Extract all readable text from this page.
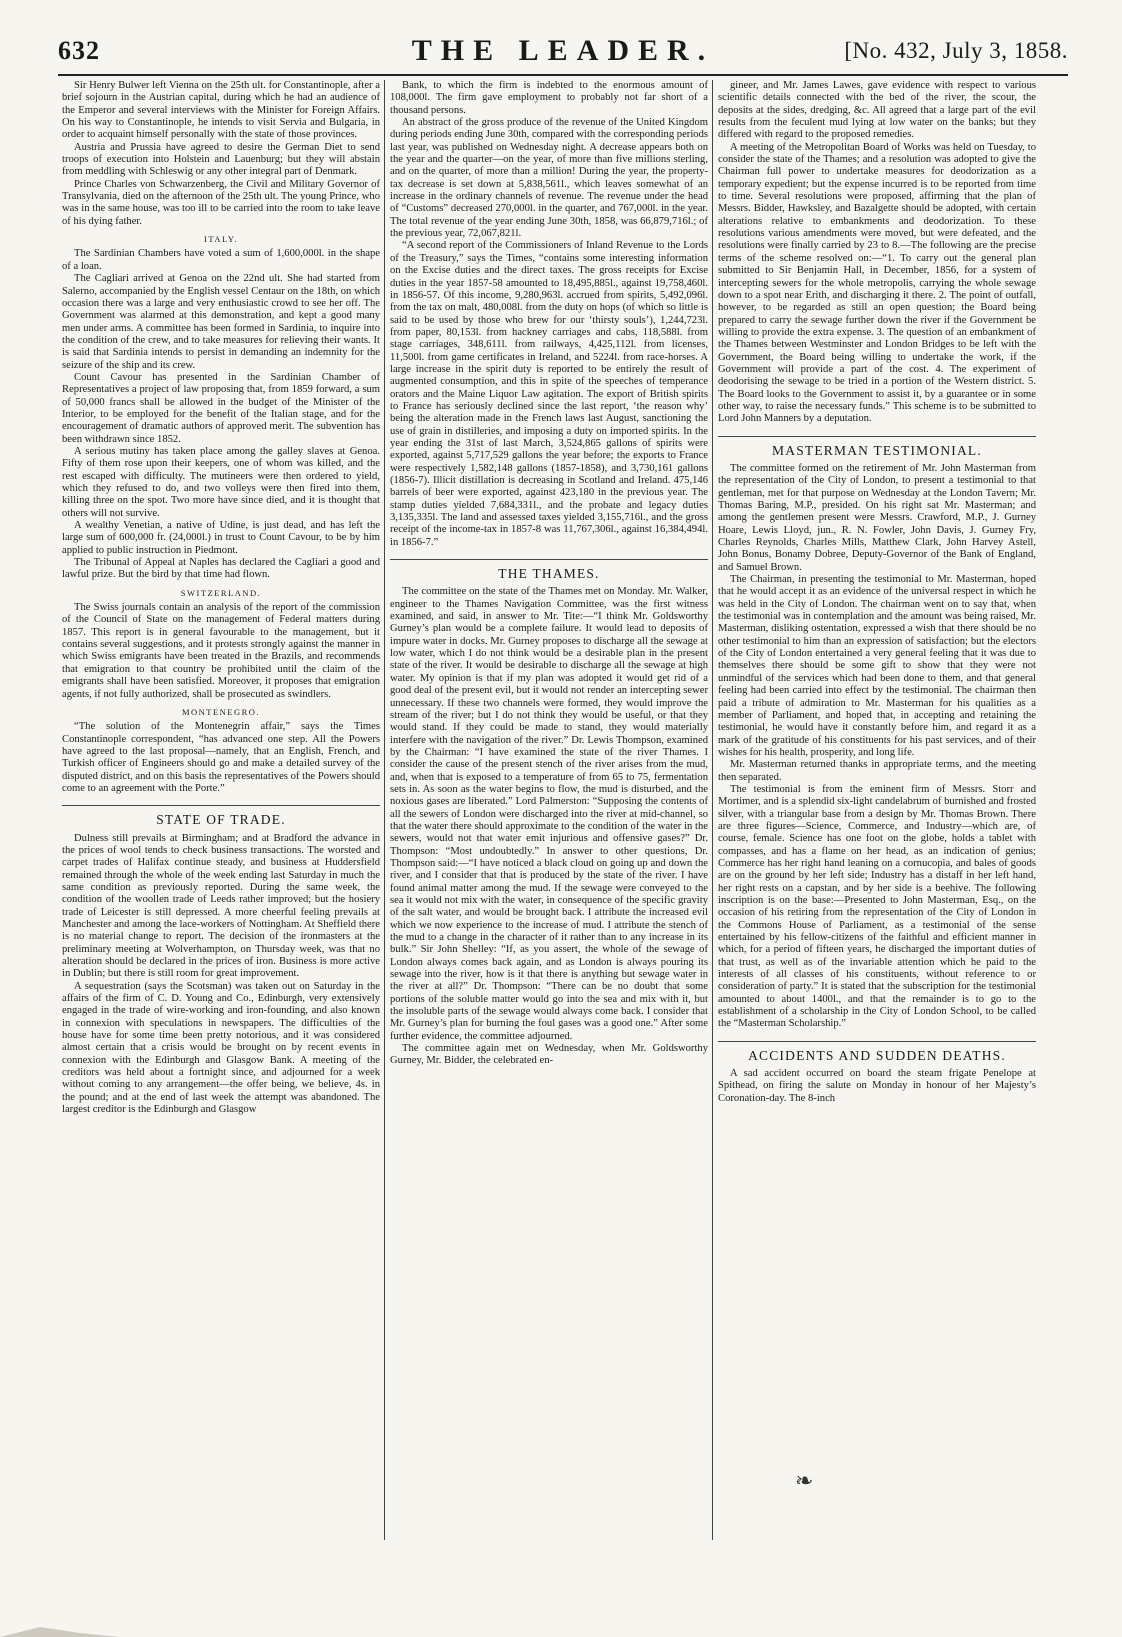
632	THE LEADER.	[No. 432, July 3, 1858.

Sir Henry Bulwer left Vienna on the 25th ult. for Constantinople, after a brief sojourn in the Austrian capital, during which he had an audience of the Emperor and several interviews with the Minister for Foreign Affairs. On his way to Constantinople, he intends to visit Servia and Bulgaria, in order to acquaint himself personally with the state of those provinces.

Austria and Prussia have agreed to desire the German Diet to send troops of execution into Holstein and Lauenburg; but they will abstain from meddling with Schleswig or any other integral part of Denmark.

Prince Charles von Schwarzenberg, the Civil and Military Governor of Transylvania, died on the afternoon of the 25th ult. The young Prince, who was in the same house, was too ill to be carried into the room to take leave of his dying father.

ITALY.

The Sardinian Chambers have voted a sum of 1,600,000l. in the shape of a loan.

The Cagliari arrived at Genoa on the 22nd ult. She had started from Salerno, accompanied by the English vessel Centaur on the 18th, on which occasion there was a large and very enthusiastic crowd to see her off. The Government was alarmed at this demonstration, and kept a good many men under arms. A committee has been formed in Sardinia, to inquire into the condition of the crew, and to take measures for relieving their wants. It is said that Sardinia intends to persist in demanding an indemnity for the seizure of the ship and its crew.

Count Cavour has presented in the Sardinian Chamber of Representatives a project of law proposing that, from 1859 forward, a sum of 50,000 francs shall be allowed in the budget of the Minister of the Interior, to be employed for the benefit of the Italian stage, and for the encouragement of dramatic authors of approved merit. The subvention has been withdrawn since 1852.

A serious mutiny has taken place among the galley slaves at Genoa. Fifty of them rose upon their keepers, one of whom was killed, and the rest escaped with difficulty. The mutineers were then ordered to yield, which they refused to do, and two volleys were then fired into them, killing three on the spot. Two more have since died, and it is thought that others will not survive.

A wealthy Venetian, a native of Udine, is just dead, and has left the large sum of 600,000 fr. (24,000l.) in trust to Count Cavour, to be by him applied to public instruction in Piedmont.

The Tribunal of Appeal at Naples has declared the Cagliari a good and lawful prize. But the bird by that time had flown.

SWITZERLAND.

The Swiss journals contain an analysis of the report of the commission of the Council of State on the management of Federal matters during 1857. This report is in general favourable to the management, but it contains several suggestions, and it protests strongly against the manner in which Swiss emigrants have been treated in the Brazils, and recommends that emigration to that country be prohibited until the claim of the emigrants shall have been satisfied. Moreover, it proposes that emigration agents, if not fully authorized, shall be prosecuted as swindlers.

MONTENEGRO.

“The solution of the Montenegrin affair,” says the Times Constantinople correspondent, “has advanced one step. All the Powers have agreed to the last proposal—namely, that an English, French, and Turkish officer of Engineers should go and make a detailed survey of the disputed district, and on this basis the representatives of the Powers should come to an agreement with the Porte.”

STATE OF TRADE.

Dulness still prevails at Birmingham; and at Bradford the advance in the prices of wool tends to check business transactions. The worsted and carpet trades of Halifax continue steady, and business at Huddersfield remained through the whole of the week ending last Saturday in much the same condition as previously reported. During the same week, the condition of the woollen trade of Leeds rather improved; but the hosiery trade of Leicester is still depressed. A more cheerful feeling prevails at Manchester and among the lace-workers of Nottingham. At Sheffield there is no material change to report. The decision of the ironmasters at the preliminary meeting at Wolverhampton, on Thursday week, was that no alteration should be declared in the prices of iron. Business is more active in Dublin; but there is still room for great improvement.

A sequestration (says the Scotsman) was taken out on Saturday in the affairs of the firm of C. D. Young and Co., Edinburgh, very extensively engaged in the trade of wire-working and iron-founding, and also known in connexion with speculations in newspapers. The difficulties of the house have for some time been pretty notorious, and it was considered almost certain that a crisis would be brought on by recent events in connexion with the Edinburgh and Glasgow Bank. A meeting of the creditors was held about a fortnight since, and adjourned for a week without coming to any arrangement—the offer being, we believe, 4s. in the pound; and at the end of last week the attempt was abandoned. The largest creditor is the Edinburgh and Glasgow

Bank, to which the firm is indebted to the enormous amount of 108,000l. The firm gave employment to probably not far short of a thousand persons.

An abstract of the gross produce of the revenue of the United Kingdom during periods ending June 30th, compared with the corresponding periods last year, was published on Wednesday night. A decrease appears both on the year and the quarter—on the year, of more than five millions sterling, and on the quarter, of more than a million! During the year, the property-tax decrease is set down at 5,838,561l., which leaves somewhat of an increase in the ordinary channels of revenue. The revenue under the head of “Customs” decreased 270,000l. in the quarter, and 767,000l. in the year. The total revenue of the year ending June 30th, 1858, was 66,879,716l.; of the previous year, 72,067,821l.

“A second report of the Commissioners of Inland Revenue to the Lords of the Treasury,” says the Times, “contains some interesting information on the Excise duties and the direct taxes. The gross receipts for Excise duties in the year 1857-58 amounted to 18,495,885l., against 19,758,460l. in 1856-57. Of this income, 9,280,963l. accrued from spirits, 5,492,096l. from the tax on malt, 480,008l. from the duty on hops (of which so little is said to be used by those who brew for our ‘thirsty souls’), 1,244,723l. from paper, 80,153l. from hackney carriages and cabs, 118,588l. from stage carriages, 348,611l. from railways, 4,425,112l. from licenses, 11,500l. from game certificates in Ireland, and 5224l. from race-horses. A large increase in the spirit duty is reported to be entirely the result of augmented consumption, and this in spite of the speeches of temperance orators and the Maine Liquor Law agitation. The export of British spirits to France has seriously declined since the last report, ‘the reason why’ being the alteration made in the French laws last August, sanctioning the use of grain in distilleries, and imposing a duty on imported spirits. In the year ending the 31st of last March, 3,524,865 gallons of spirits were exported, against 5,717,529 gallons the year before; the exports to France were respectively 1,582,148 gallons (1857-1858), and 3,730,161 gallons (1856-7). Illicit distillation is decreasing in Scotland and Ireland. 475,146 barrels of beer were exported, against 423,180 in the previous year. The stamp duties yielded 7,684,331l., and the probate and legacy duties 3,135,335l. The land and assessed taxes yielded 3,155,716l., and the gross receipt of the income-tax in 1857-8 was 11,767,306l., against 16,384,494l. in 1856-7.”

THE THAMES.

The committee on the state of the Thames met on Monday. Mr. Walker, engineer to the Thames Navigation Committee, was the first witness examined, and said, in answer to Mr. Tite:—“I think Mr. Goldsworthy Gurney’s plan would be a complete failure. It would lead to deposits of impure water in docks. Mr. Gurney proposes to discharge all the sewage at low water, which I do not think would be a desirable plan in the present state of the river. It would be desirable to discharge all the sewage at high water. My opinion is that if my plan was adopted it would get rid of a good deal of the present evil, but it would not render an intercepting sewer unnecessary. If these two channels were formed, they would improve the stream of the river; but I do not think they would be useful, or that they would stand. If they could be made to stand, they would materially interfere with the navigation of the river.” Dr. Lewis Thompson, examined by the Chairman: “I have examined the state of the river Thames. I consider the cause of the present stench of the river arises from the mud, and, when that is exposed to a temperature of from 65 to 75, fermentation sets in. As soon as the water begins to flow, the mud is disturbed, and the noxious gases are liberated.” Lord Palmerston: “Supposing the contents of all the sewers of London were discharged into the river at mid-channel, so that the water there should approximate to the condition of the water in the sewers, would not that water emit injurious and offensive gases?” Dr. Thompson: “Most undoubtedly.” In answer to other questions, Dr. Thompson said:—“I have noticed a black cloud on going up and down the river, and I consider that that is produced by the state of the river. I have found animal matter among the mud. If the sewage were conveyed to the sea it would not mix with the water, in consequence of the specific gravity of the salt water, and would be brought back. I attribute the increased evil which we now experience to the increase of mud. I attribute the stench of the mud to a change in the character of it rather than to any increase in its bulk.” Sir John Shelley: “If, as you assert, the whole of the sewage of London always comes back again, and as London is always pouring its sewage into the river, how is it that there is anything but sewage water in the river at all?” Dr. Thompson: “There can be no doubt that some portions of the soluble matter would go into the sea and mix with it, but the insoluble parts of the sewage would always come back. I consider that Mr. Gurney’s plan for burning the foul gases was a good one.” After some further evidence, the committee adjourned.

The committee again met on Wednesday, when Mr. Goldsworthy Gurney, Mr. Bidder, the celebrated en-

gineer, and Mr. James Lawes, gave evidence with respect to various scientific details connected with the bed of the river, the scour, the deposits at the sides, dredging, &c. All agreed that a large part of the evil results from the feculent mud lying at low water on the banks; but they differed with regard to the proposed remedies.

A meeting of the Metropolitan Board of Works was held on Tuesday, to consider the state of the Thames; and a resolution was adopted to give the Chairman full power to undertake measures for deodorization as a temporary expedient; but the expense incurred is to be reported from time to time. Several resolutions were proposed, affirming that the plan of Messrs. Bidder, Hawksley, and Bazalgette should be adopted, with certain alterations relative to embankments and deodorization. To these resolutions various amendments were moved, but were defeated, and the resolutions were finally carried by 23 to 8.—The following are the precise terms of the scheme resolved on:—“1. To carry out the general plan submitted to Sir Benjamin Hall, in December, 1856, for a system of intercepting sewers for the whole metropolis, carrying the whole sewage down to a spot near Erith, and discharging it there. 2. The point of outfall, however, to be regarded as still an open question; the Board being prepared to carry the sewage further down the river if the Government be willing to provide the extra expense. 3. The question of an embankment of the Thames between Westminster and London Bridges to be left with the Government, the Board being willing to undertake the work, if the Government will provide a part of the cost. 4. The experiment of deodorising the sewage to be tried in a portion of the Western district. 5. The Board looks to the Government to assist it, by a guarantee or in some other way, to raise the necessary funds.” This scheme is to be submitted to Lord John Manners by a deputation.

MASTERMAN TESTIMONIAL.

The committee formed on the retirement of Mr. John Masterman from the representation of the City of London, to present a testimonial to that gentleman, met for that purpose on Wednesday at the London Tavern; Mr. Thomas Baring, M.P., presided. On his right sat Mr. Masterman; and among the gentlemen present were Messrs. Crawford, M.P., J. Gurney Hoare, Lewis Lloyd, jun., R. N. Fowler, John Davis, J. Gurney Fry, Charles Reynolds, Charles Mills, Matthew Clark, John Harvey Astell, John Bonus, Bonamy Dobree, Deputy-Governor of the Bank of England, and Samuel Brown.

The Chairman, in presenting the testimonial to Mr. Masterman, hoped that he would accept it as an evidence of the universal respect in which he was held in the City of London. The chairman went on to say that, when the testimonial was in contemplation and the amount was being raised, Mr. Masterman, disliking ostentation, expressed a wish that there should be no other testimonial to him than an expression of satisfaction; but the electors of the City of London entertained a very general feeling that it was due to themselves there should be some gift to show that they were not unmindful of the services which had been done to them, and that general feeling had been carried into effect by the testimonial. The chairman then paid a tribute of admiration to Mr. Masterman for his qualities as a member of Parliament, and hoped that, in accepting and retaining the testimonial, he would have it constantly before him, and regard it as a mark of the gratitude of his constituents for his past services, and of their wishes for his health, prosperity, and long life.

Mr. Masterman returned thanks in appropriate terms, and the meeting then separated.

The testimonial is from the eminent firm of Messrs. Storr and Mortimer, and is a splendid six-light candelabrum of burnished and frosted silver, with a triangular base from a design by Mr. Thomas Brown. There are three figures—Science, Commerce, and Industry—which are, of course, female. Science has one foot on the globe, holds a tablet with compasses, and has a flame on her head, as an indication of genius; Commerce has her right hand leaning on a cornucopia, and bales of goods are on the ground by her left side; Industry has a distaff in her left hand, her right rests on a capstan, and by her side is a beehive. The following inscription is on the base:—Presented to John Masterman, Esq., on the occasion of his retiring from the representation of the City of London in the Commons House of Parliament, as a testimonial of the sense entertained by his fellow-citizens of the faithful and efficient manner in which, for a period of fifteen years, he discharged the important duties of that trust, as well as of the invariable attention which he paid to the interests of all classes of his constituents, without reference to or consideration of party.” It is stated that the subscription for the testimonial amounted to about 1400l., and that the remainder is to go to the establishment of a scholarship in the City of London School, to be called the “Masterman Scholarship.”

ACCIDENTS AND SUDDEN DEATHS.

A sad accident occurred on board the steam frigate Penelope at Spithead, on firing the salute on Monday in honour of her Majesty’s Coronation-day. The 8-inch

❧
